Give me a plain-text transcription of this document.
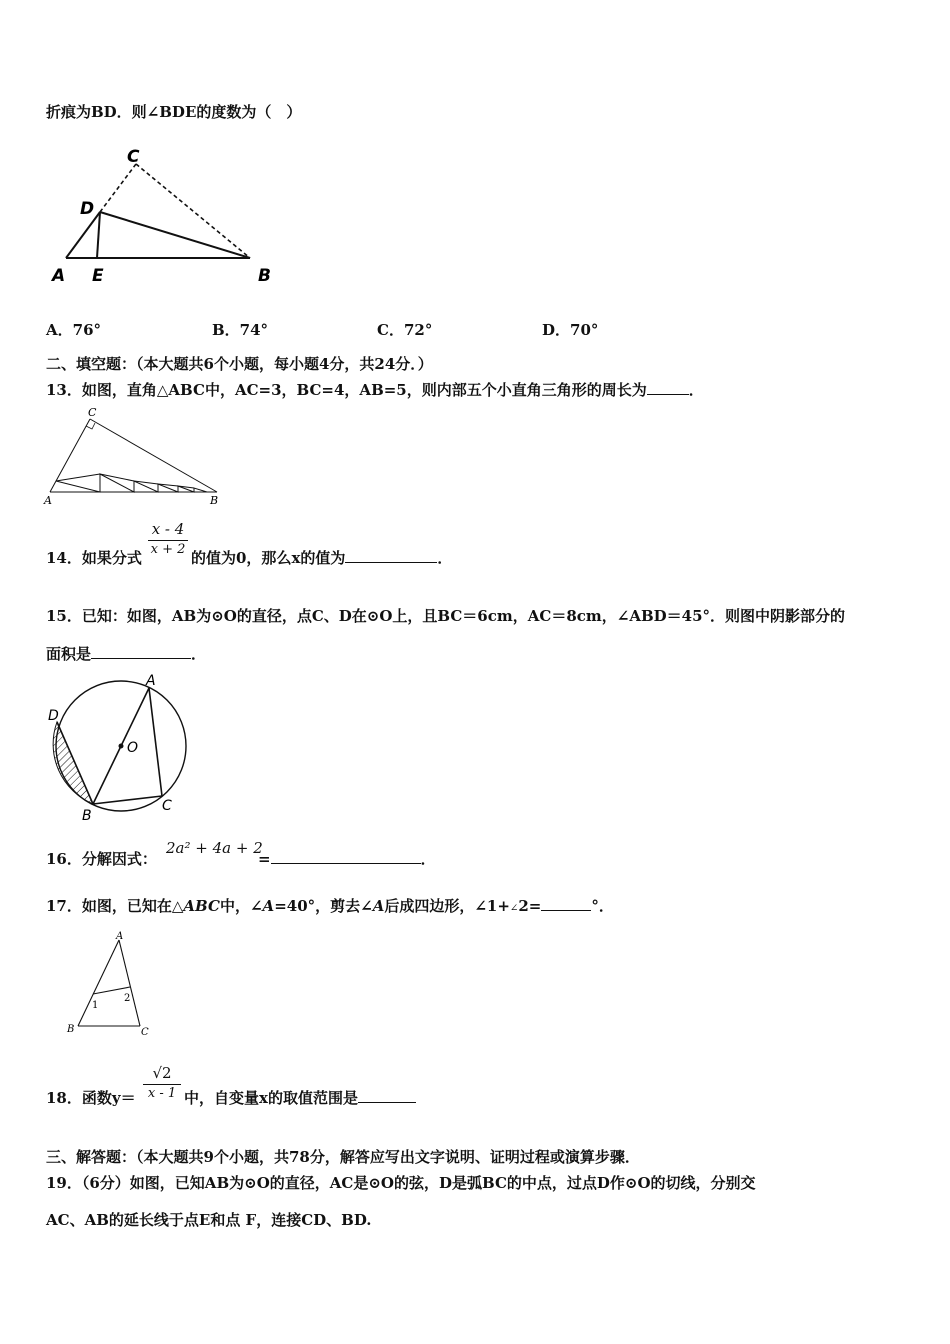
折痕为BD．则∠BDE的度数为（　）
C
D
A E	B
A．76°	B．74°	C．72°	D．70°
二、填空题：（本大题共6个小题，每小题4分，共24分．）
13．如图，直角△ABC中，AC=3，BC=4，AB=5，则内部五个小直角三角形的周长为	．
C
A	B
14．如果分式
$\frac{x - 4}{x + 2}$
的值为0，那么x的值为	．
15．已知：如图，AB为⊙O的直径，点C、D在⊙O上，且BC＝6cm，AC＝8cm，∠ABD＝45°．则图中阴影部分的
面积是	．
A
D
O
B
C
16．分解因式：
2a² + 4a + 2
=	．
17．如图，已知在△ABC中，∠A=40°，剪去∠A后成四边形，∠1+∠2=	°．
A
B	C
1
2
18．函数$y= \frac{√2}{x - 1}$ 中，自变量x的取值范围是
三、解答题：（本大题共9个小题，共78分，解答应写出文字说明、证明过程或演算步骤．
19．（6分）如图，已知AB为⊙O的直径，AC是⊙O的弦，D是弧BC的中点，过点D作⊙O的切线，分别交
AC、AB的延长线于点E和点 F，连接CD、BD.
